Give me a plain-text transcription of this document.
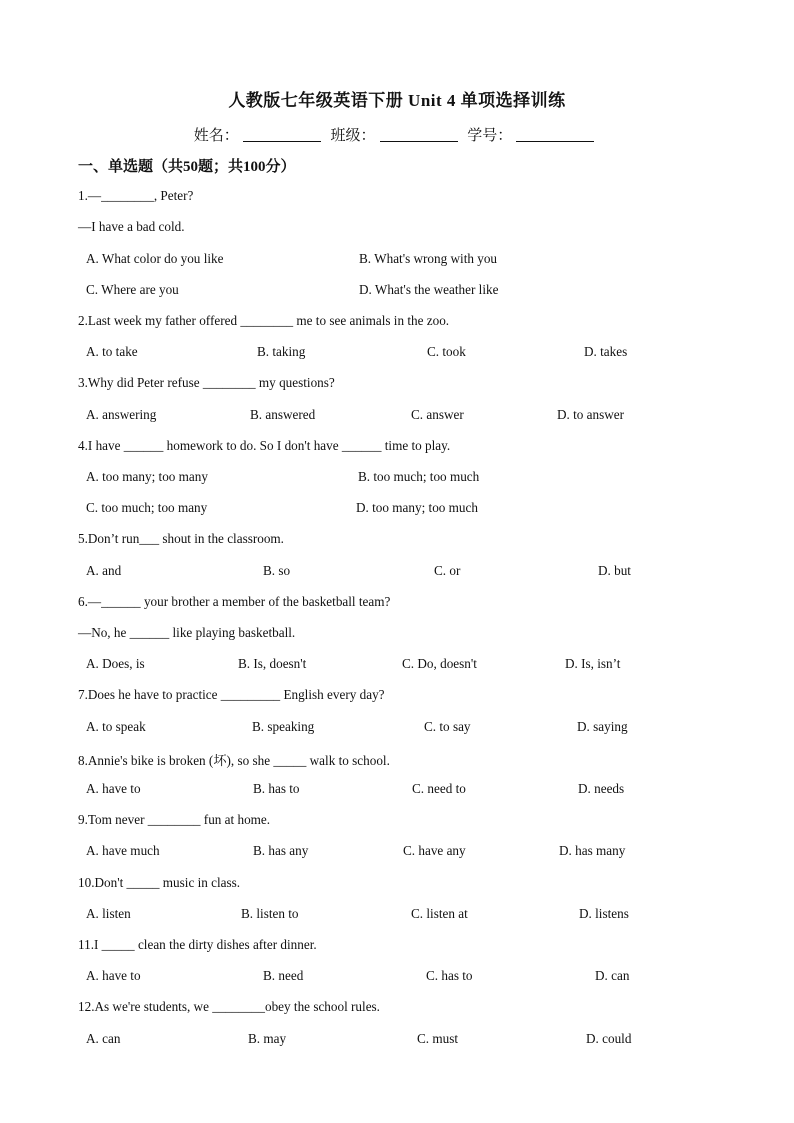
人教版七年级英语下册 Unit 4 单项选择训练
姓名：	班级：	学号：
一、单选题（共50题；共100分）
1.—________, Peter?
—I have a bad cold.
A. What color do you like	B. What's wrong with you
C. Where are you	D. What's the weather like
2.Last week my father offered ________ me to see animals in the zoo.
A. to take	B. taking	C. took	D. takes
3.Why did Peter refuse ________ my questions?
A. answering	B. answered	C. answer	D. to answer
4.I have ______ homework to do. So I don't have ______ time to play.
A. too many; too many	B. too much; too much
C. too much; too many	D. too many; too much
5.Don’t run___ shout in the classroom.
A. and	B. so	C. or	D. but
6.—______ your brother a member of the basketball team?
—No, he ______ like playing basketball.
A. Does, is	B. Is, doesn't	C. Do, doesn't	D. Is, isn’t
7.Does he have to practice _________ English every day?
A. to speak	B. speaking	C. to say	D. saying
8.Annie's bike is broken (坏), so she _____ walk to school.
A. have to	B. has to	C. need to	D. needs
9.Tom never ________ fun at home.
A. have much	B. has any	C. have any	D. has many
10.Don't _____ music in class.
A. listen	B. listen to	C. listen at	D. listens
11.I _____ clean the dirty dishes after dinner.
A. have to	B. need	C. has to	D. can
12.As we're students, we ________obey the school rules.
A. can	B. may	C. must	D. could
